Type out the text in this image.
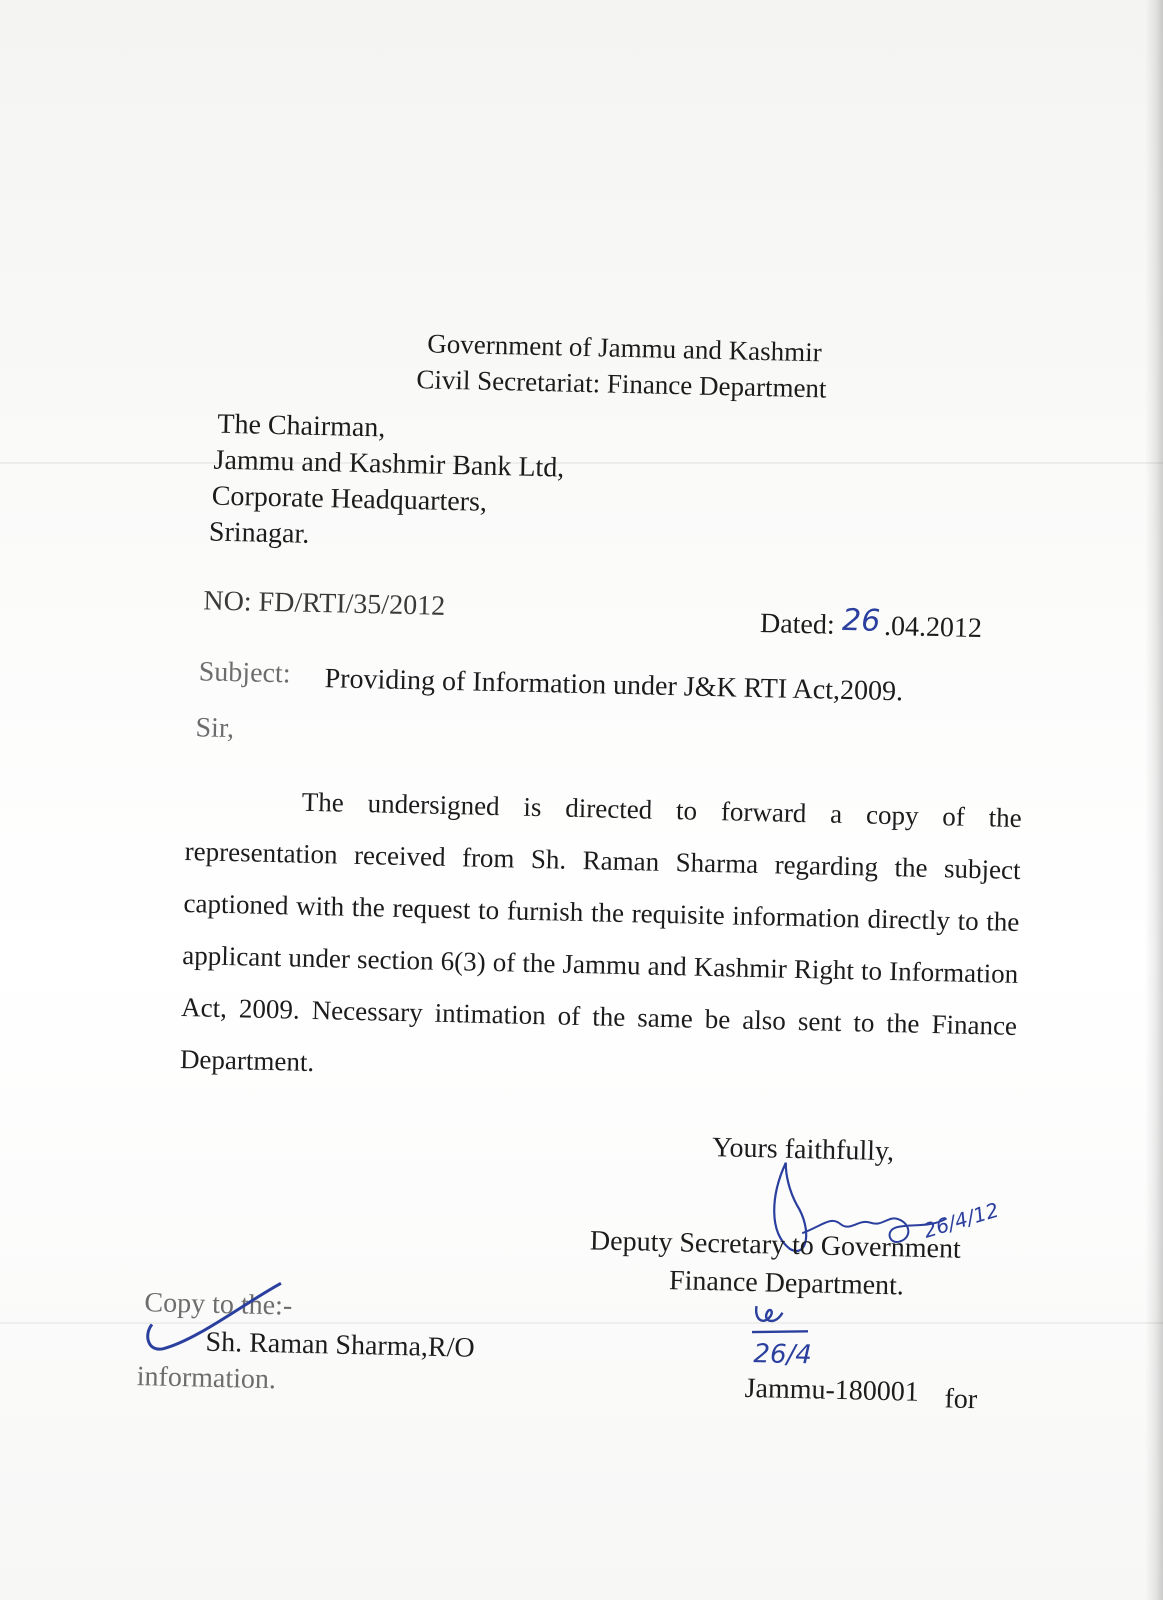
Government of Jammu and Kashmir
Civil Secretariat: Finance Department
The Chairman,
Jammu and Kashmir Bank Ltd,
Corporate Headquarters,
Srinagar.
NO: FD/RTI/35/2012
Dated: 26 .04.2012
Subject: Providing of Information under J&K RTI Act,2009.
Sir,
The undersigned is directed to forward a copy of the representation received from Sh. Raman Sharma regarding the subject captioned with the request to furnish the requisite information directly to the applicant under section 6(3) of the Jammu and Kashmir Right to Information Act, 2009. Necessary intimation of the same be also sent to the Finance Department.
Yours faithfully,
26/4/12
Deputy Secretary to Government
Finance Department.
26/4
Copy to the:-
Sh. Raman Sharma,R/O
Jammu-180001 for
information.
